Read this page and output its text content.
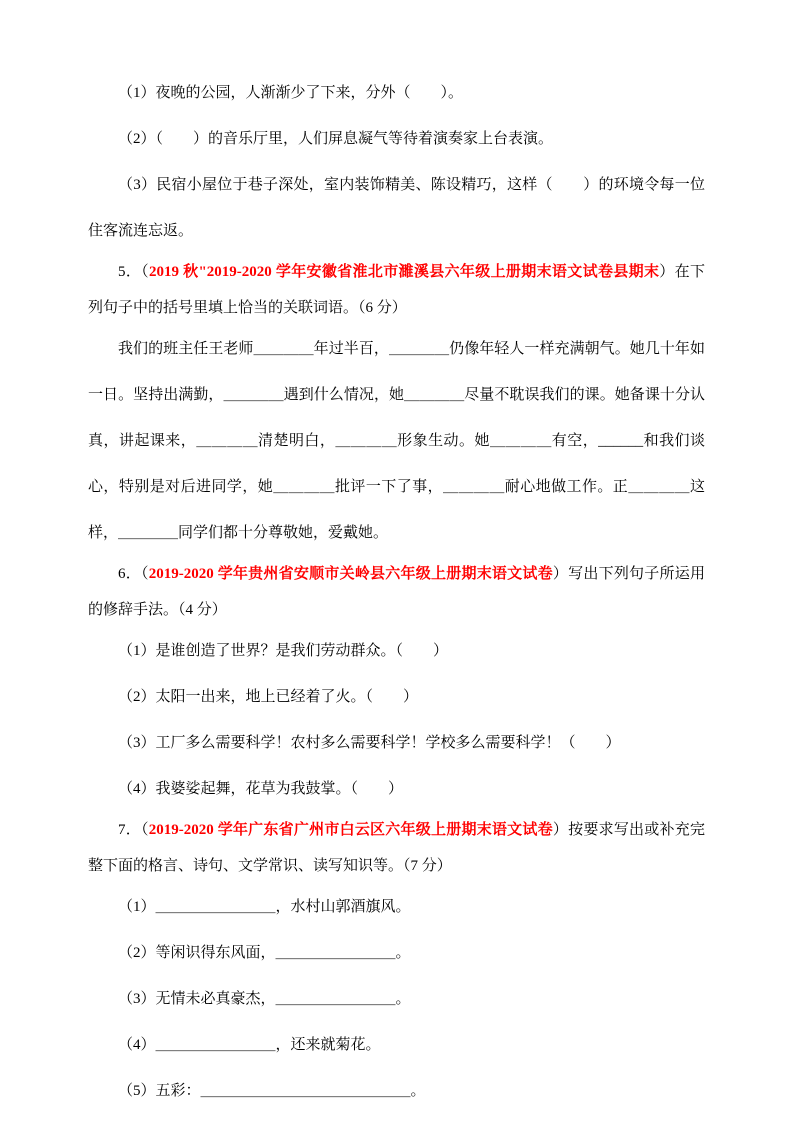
（1）夜晚的公园，人渐渐少了下来，分外（　　）。

（2）（　　）的音乐厅里，人们屏息凝气等待着演奏家上台表演。

（3）民宿小屋位于巷子深处，室内装饰精美、陈设精巧，这样（　　）的环境令每一位住客流连忘返。

5．（2019 秋"2019-2020 学年安徽省淮北市濉溪县六年级上册期末语文试卷县期末）在下列句子中的括号里填上恰当的关联词语。（6 分）

我们的班主任王老师＿＿＿＿年过半百，＿＿＿＿仍像年轻人一样充满朝气。她几十年如一日。坚持出满勤，＿＿＿＿遇到什么情况，她＿＿＿＿尽量不耽误我们的课。她备课十分认真，讲起课来，＿＿＿＿清楚明白，＿＿＿＿形象生动。她＿＿＿＿有空，______和我们谈心，特别是对后进同学，她＿＿＿＿批评一下了事，＿＿＿＿耐心地做工作。正＿＿＿＿这样，＿＿＿＿同学们都十分尊敬她，爱戴她。

6．（2019-2020 学年贵州省安顺市关岭县六年级上册期末语文试卷）写出下列句子所运用的修辞手法。（4 分）

（1）是谁创造了世界？是我们劳动群众。（　　）

（2）太阳一出来，地上已经着了火。（　　）

（3）工厂多么需要科学！农村多么需要科学！学校多么需要科学！（　　）

（4）我婆娑起舞，花草为我鼓掌。（　　）

7．（2019-2020 学年广东省广州市白云区六年级上册期末语文试卷）按要求写出或补充完整下面的格言、诗句、文学常识、读写知识等。（7 分）

（1）＿＿＿＿＿＿＿＿，水村山郭酒旗风。

（2）等闲识得东风面，＿＿＿＿＿＿＿＿。

（3）无情未必真豪杰，＿＿＿＿＿＿＿＿。

（4）＿＿＿＿＿＿＿＿，还来就菊花。

（5）五彩：＿＿＿＿＿＿＿＿＿＿＿＿＿＿。
